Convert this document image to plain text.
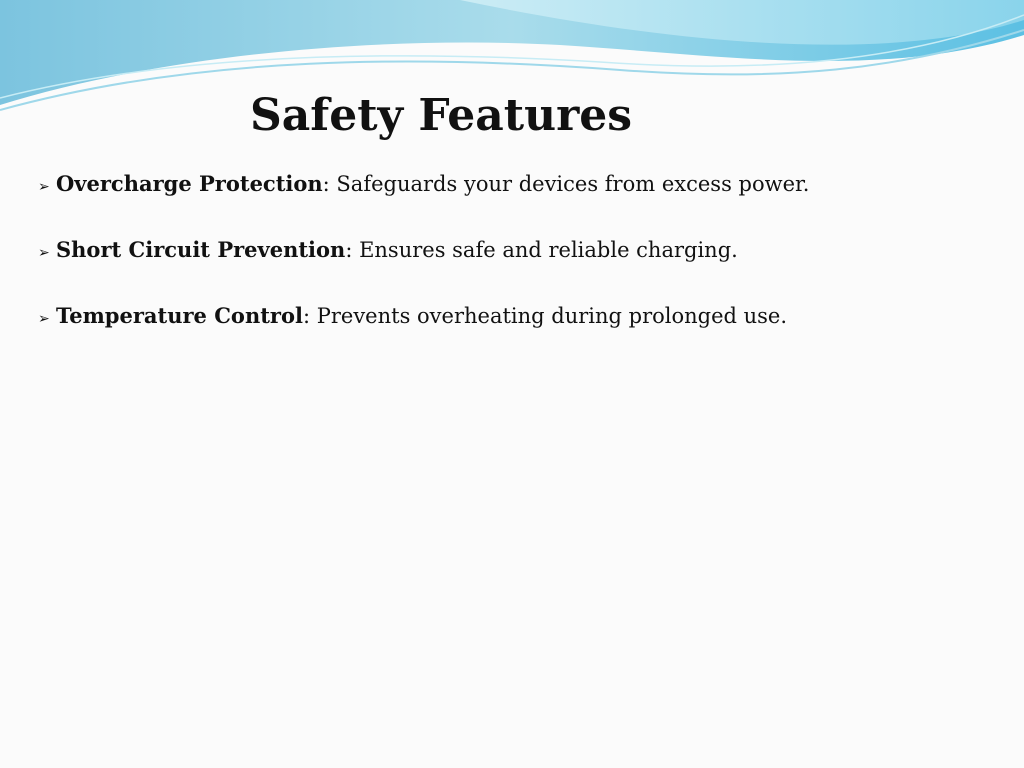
Safety Features
➢ Overcharge Protection: Safeguards your devices from excess power.
➢ Short Circuit Prevention: Ensures safe and reliable charging.
➢ Temperature Control: Prevents overheating during prolonged use.
